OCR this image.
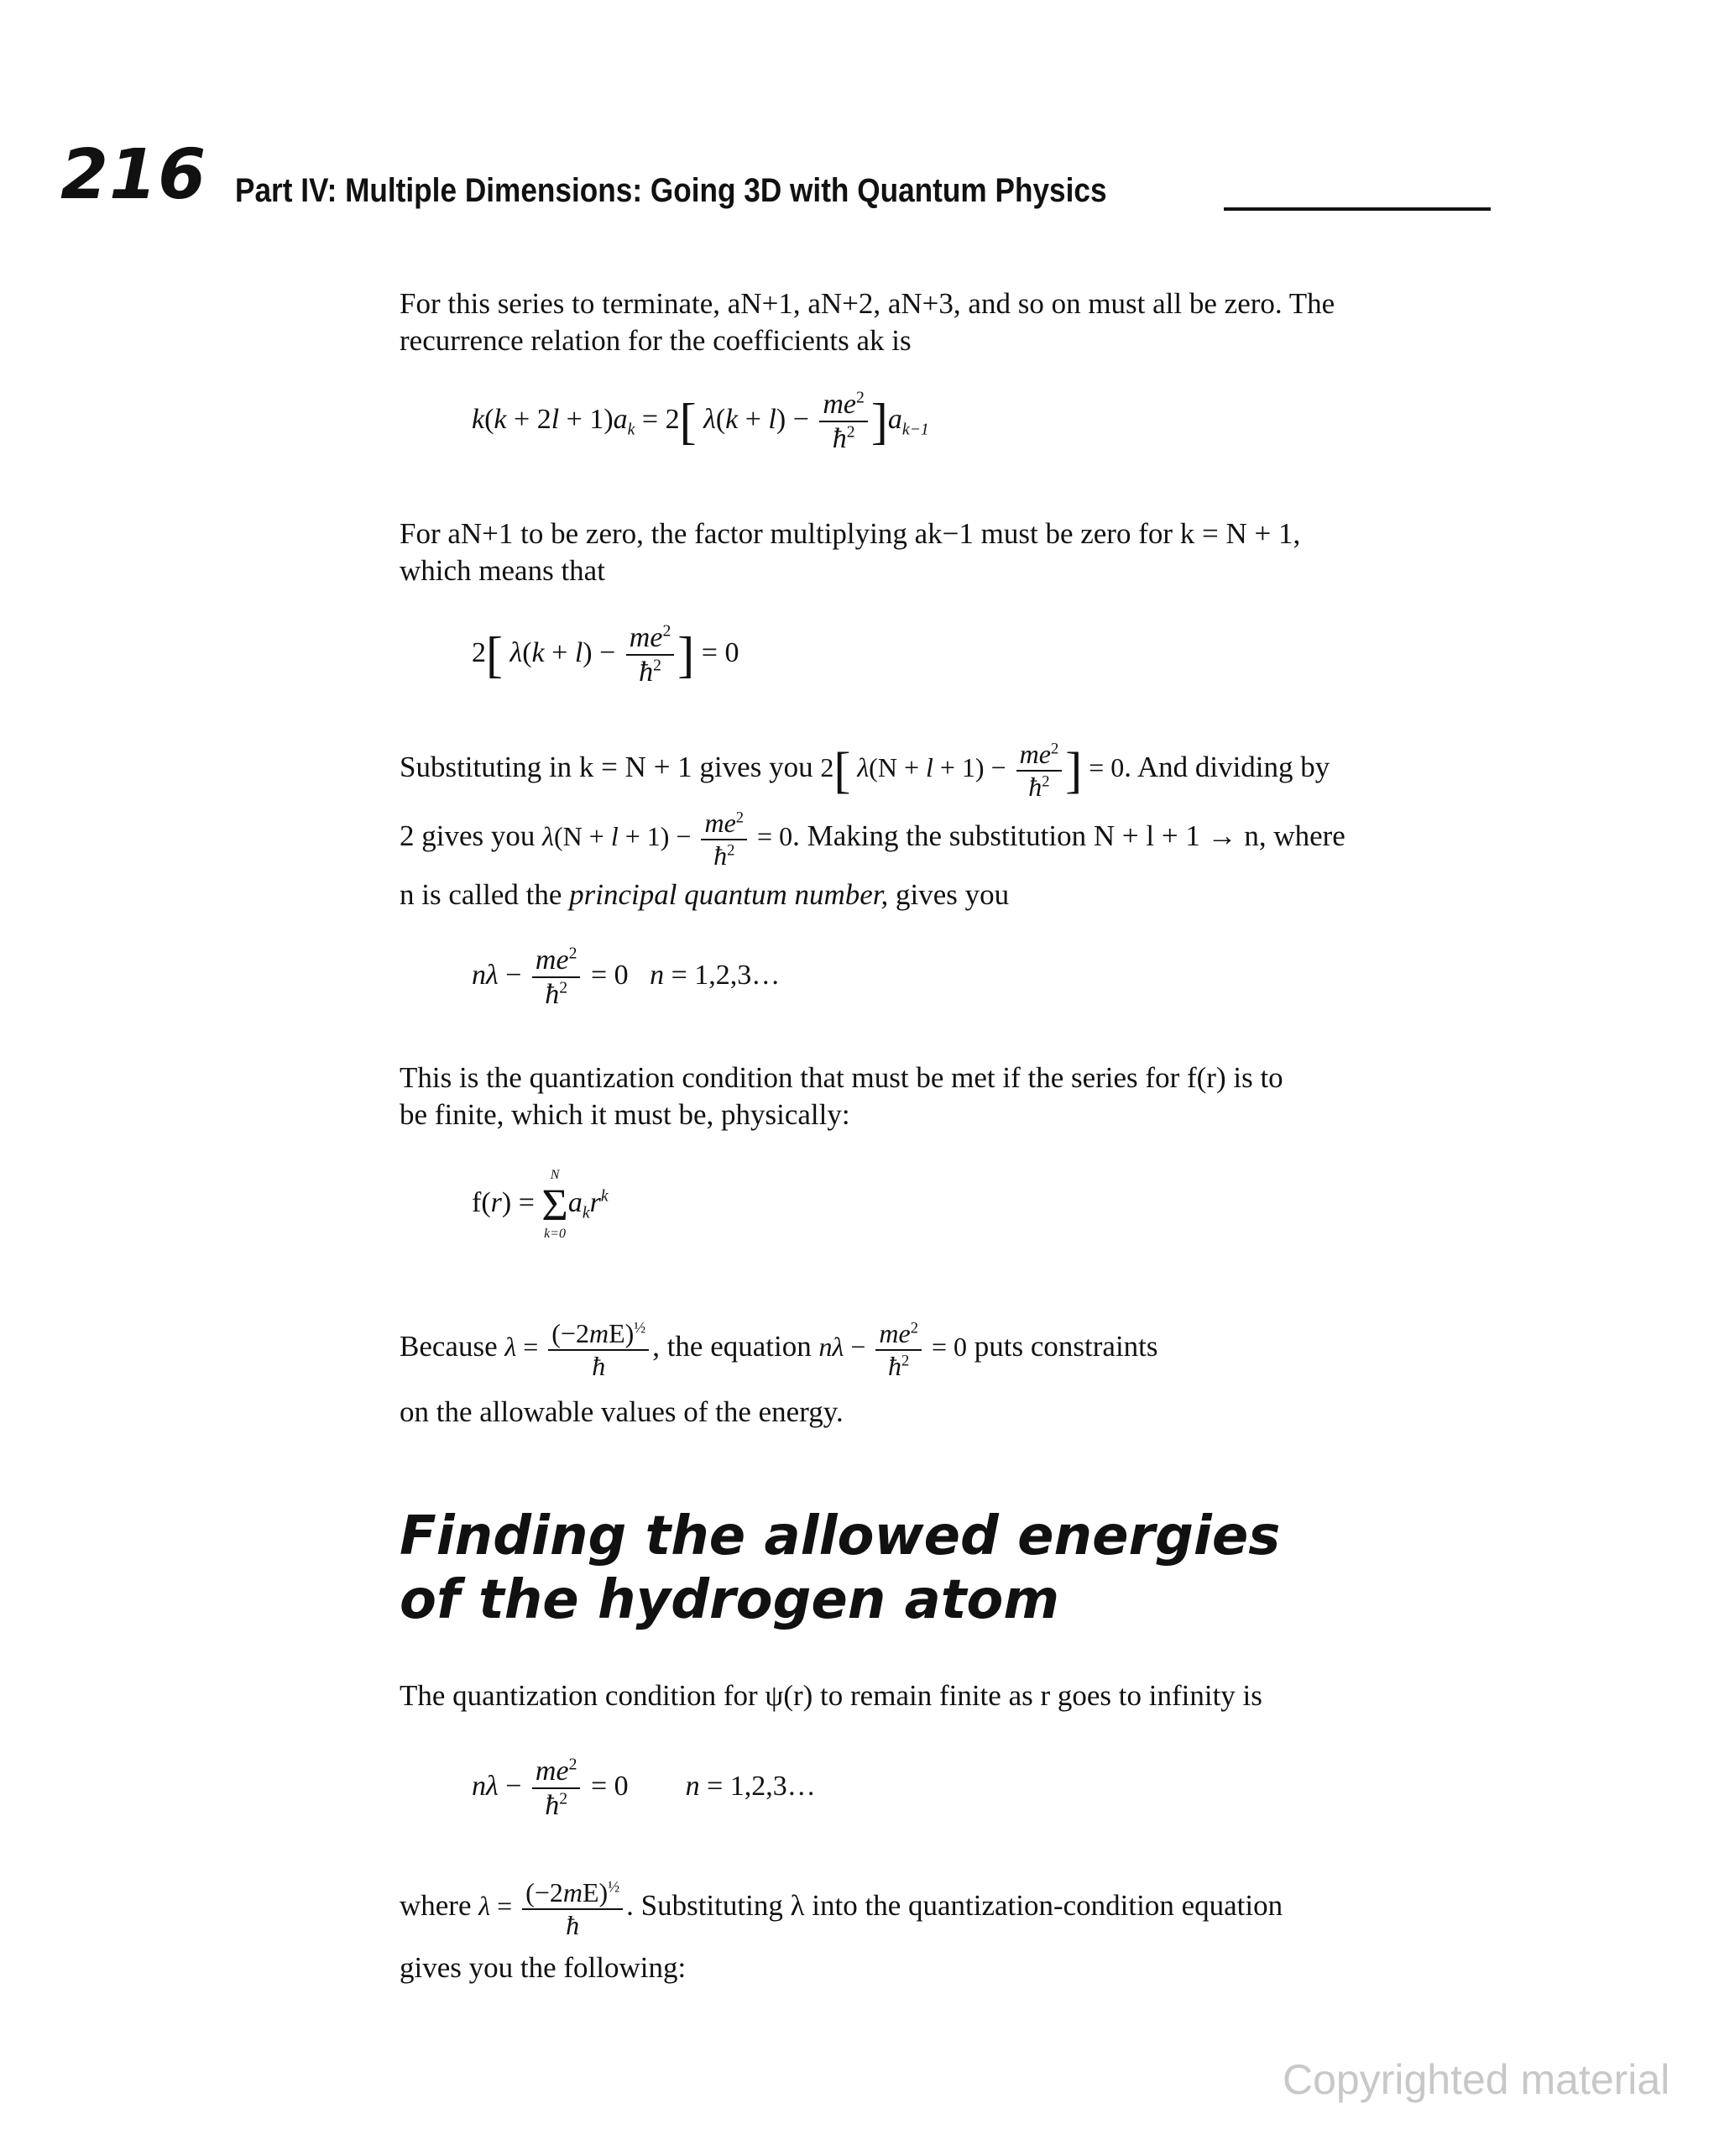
216 Part IV: Multiple Dimensions: Going 3D with Quantum Physics
For this series to terminate, aN+1, aN+2, aN+3, and so on must all be zero. The
recurrence relation for the coefficients ak is
$k(k + 2l + 1)a_k = 2$[ $\lambda(k + l) - \frac{me^2}{ħ^2} ]a_{k-1}$
For aN+1 to be zero, the factor multiplying ak−1 must be zero for k = N + 1,
which means that
2[ $\lambda(k + l) - \frac{me^2}{ħ^2}$ ] = 0
Substituting in k = N + 1 gives you 2[ $\lambda(N + l + 1) - \frac{me^2}{ħ^2}$ ] = 0. And dividing by
2 gives you $\lambda(N + l + 1) - \frac{me^2}{ħ^2} = 0$. Making the substitution N + l + 1 → n, where
n is called the principal quantum number, gives you
$n\lambda - \frac{me^2}{ħ^2} = 0$   n = 1,2,3…
This is the quantization condition that must be met if the series for f(r) is to
be finite, which it must be, physically:
f(r) =
N
Σ
k=0
$a_kr^k$
Because $\lambda = \frac{(-2mE)^{\frac{1}{2}}}{ħ}$ , the equation $n\lambda - \frac{me^2}{ħ^2} = 0$ puts constraints
on the allowable values of the energy.
Finding the allowed energies
of the hydrogen atom
The quantization condition for ψ(r) to remain finite as r goes to infinity is
$n\lambda - \frac{me^2}{ħ^2} = 0$        n = 1,2,3…
where $\lambda = \frac{(-2mE)^{\frac{1}{2}}}{ħ}$ . Substituting λ into the quantization-condition equation
gives you the following:
Copyrighted material
